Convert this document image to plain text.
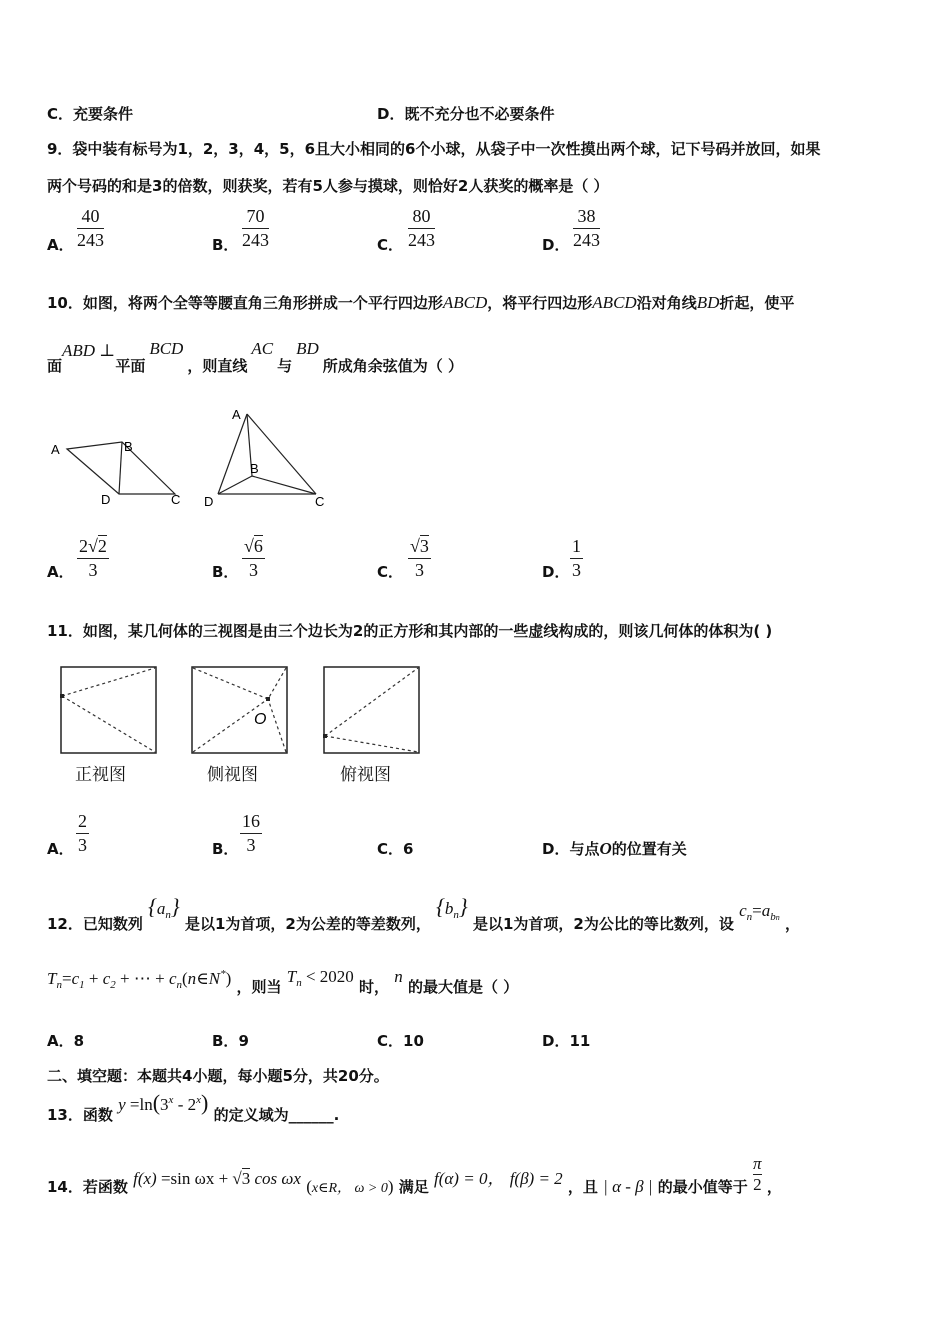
C．充要条件	D．既不充分也不必要条件
9．袋中装有标号为1，2，3，4，5，6且大小相同的6个小球，从袋子中一次性摸出两个球，记下号码并放回，如果
两个号码的和是3的倍数，则获奖，若有5人参与摸球，则恰好2人获奖的概率是（ ）
A．
40
243	B．
70
243	C．
80
243	D．
38
243
10．如图，将两个全等等腰直角三角形拼成一个平行四边形ABCD，将平行四边形ABCD沿对角线BD折起，使平
面ABD ⊥平面BCD，则直线AC与BD所成角余弦值为（ ）
A	B
D	C
A
B
D	C
A．
2√2
3	B．
√6
3	C．
√3
3	D．
1
3
11．如图，某几何体的三视图是由三个边长为2的正方形和其内部的一些虚线构成的，则该几何体的体积为( )
正视图
O
侧视图	俯视图
A．
2
3	B．
16
3	C．6	D．与点O的位置有关
12．已知数列 $\{a_n\}$ 是以1为首项，2为公差的等差数列， $\{b_n\}$ 是以1为首项，2为公比的等比数列，设 $c_n=a_{bn}$ ，
$T_n=c_1 + c_2$ + ⋯ + $c_n(n\in N^*)$ ，则当 $T_n < 2020$ 时， n 的最大值是（ ）
A．8	B．9	C．10	D．11
二、填空题：本题共4小题，每小题5分，共20分。
13．函数 $y =\ln(3^x - 2^x)$ 的定义域为______.
14．若函数 f(x) =sin ωx + √3 cos ωx (x∈R， ω > 0) 满足 f(α) = 0， f(β) = 2 ，且 | α - β | 的最小值等于 $\frac{\pi}{2}$ ，
